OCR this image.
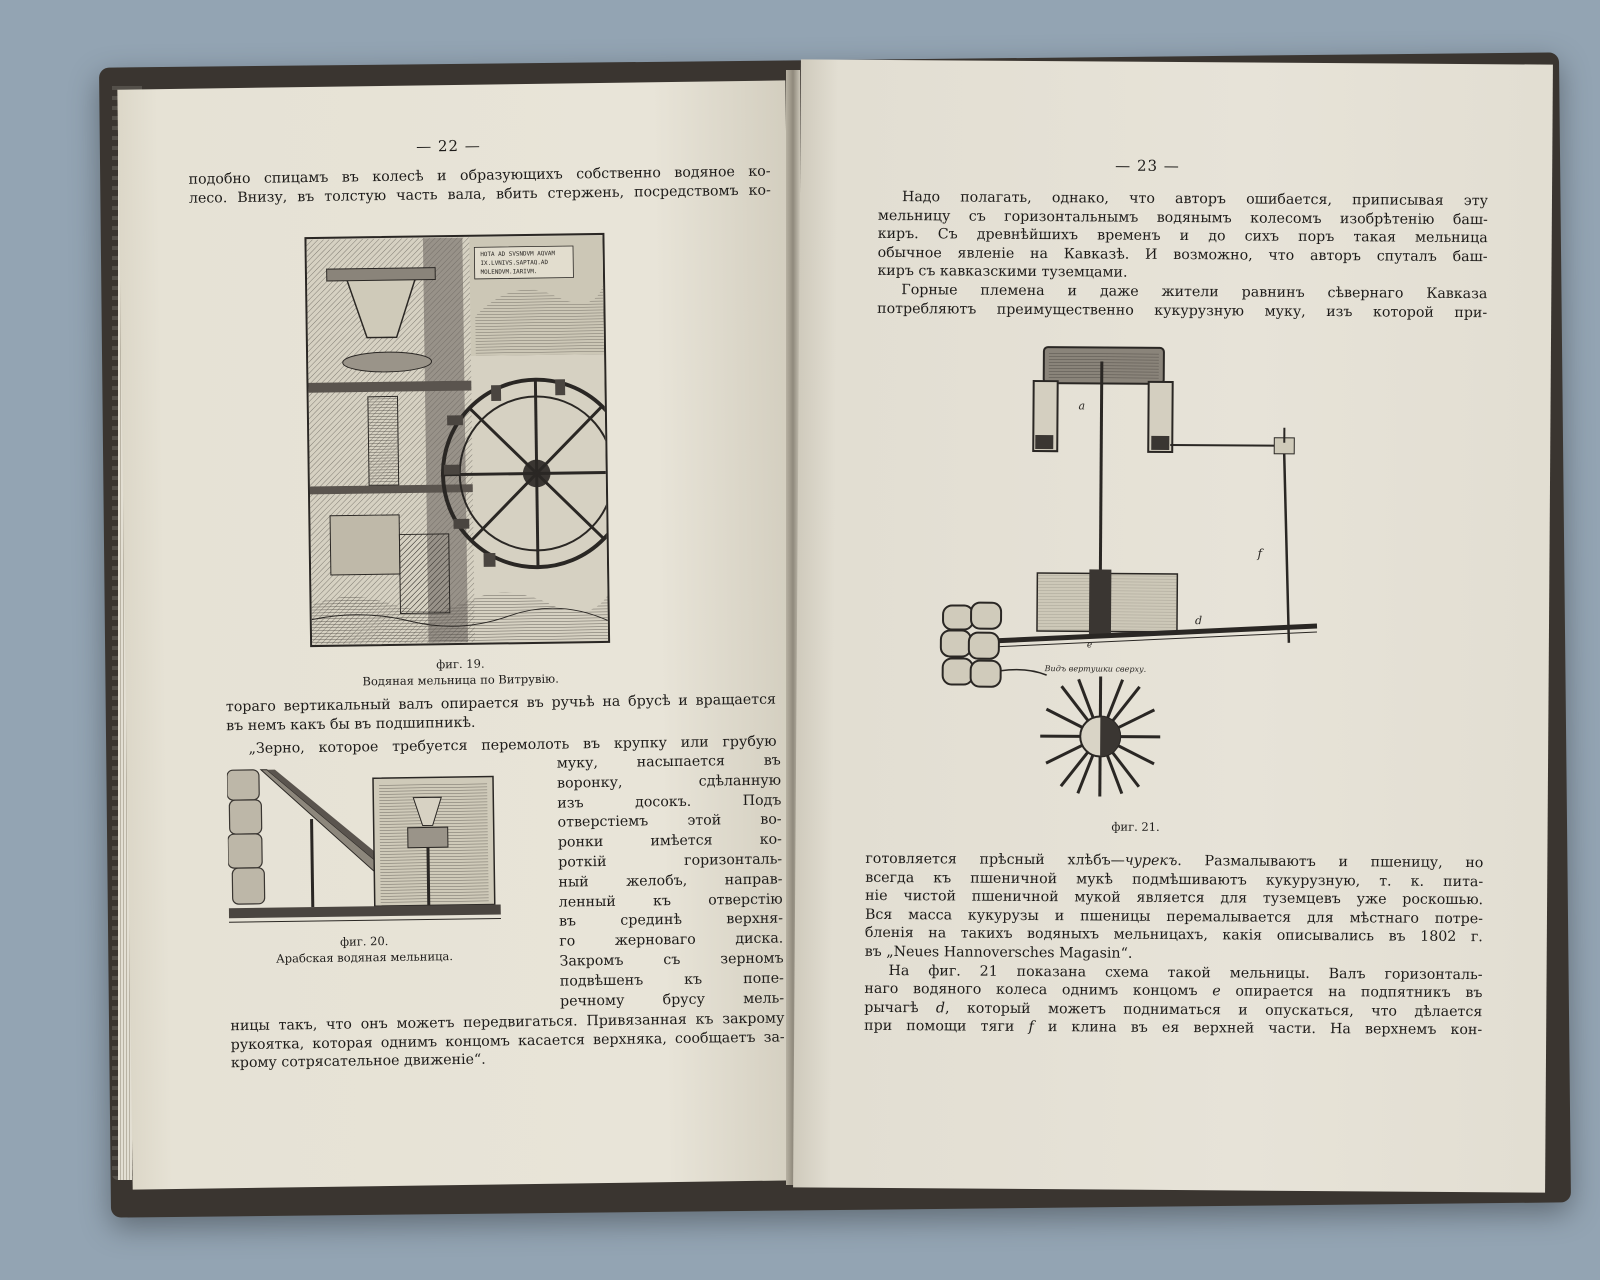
— 22 —

подобно спицамъ въ колесѣ и образующихъ собственно водяное ко-

лесо. Внизу, въ толстую часть вала, вбить стержень, посредствомъ ко-

HOTA AD SVSNDVM AQVAM
IX.LVNIVS.SAPTAQ.AD
MOLENDVM.IARIVM.
фиг. 19.
Водяная мельница по Витрувію.

тораго вертикальный валъ опирается въ ручьѣ на брусѣ и вращается

въ немъ какъ бы въ подшипникѣ.

„Зерно, которое требуется перемолоть въ крупку или грубую

фиг. 20.
Арабская водяная мельница.

муку, насыпается въ

воронку, сдѣланную

изъ досокъ. Подъ

отверстіемъ этой во-

ронки имѣется ко-

роткій горизонталь-

ный желобъ, направ-

ленный къ отверстію

въ срединѣ верхня-

го жерноваго диска.

Закромъ съ зерномъ

подвѣшенъ къ попе-

речному брусу мель-

ницы такъ, что онъ можетъ передвигаться. Привязанная къ закрому

рукоятка, которая однимъ концомъ касается верхняка, сообщаетъ за-

крому сотрясательное движеніе“.

— 23 —

Надо полагать, однако, что авторъ ошибается, приписывая эту

мельницу съ горизонтальнымъ водянымъ колесомъ изобрѣтенію баш-

киръ. Съ древнѣйшихъ временъ и до сихъ поръ такая мельница

обычное явленіе на Кавказѣ. И возможно, что авторъ спуталъ баш-

киръ съ кавказскими туземцами.

Горные племена и даже жители равнинъ сѣвернаго Кавказа

потребляютъ преимущественно кукурузную муку, изъ которой при-

a
f
d
e
Видъ вертушки сверху.
фиг. 21.

готовляется прѣсный хлѣбъ—чурекъ. Размалываютъ и пшеницу, но

всегда къ пшеничной мукѣ подмѣшиваютъ кукурузную, т. к. пита-

ніе чистой пшеничной мукой является для туземцевъ уже роскошью.

Вся масса кукурузы и пшеницы перемалывается для мѣстнаго потре-

бленія на такихъ водяныхъ мельницахъ, какія описывались въ 1802 г.

въ „Neues Hannoversches Magasin“.

На фиг. 21 показана схема такой мельницы. Валъ горизонталь-

наго водяного колеса однимъ концомъ e опирается на подпятникъ въ

рычагѣ d, который можетъ подниматься и опускаться, что дѣлается

при помощи тяги f и клина въ ея верхней части. На верхнемъ кон-
